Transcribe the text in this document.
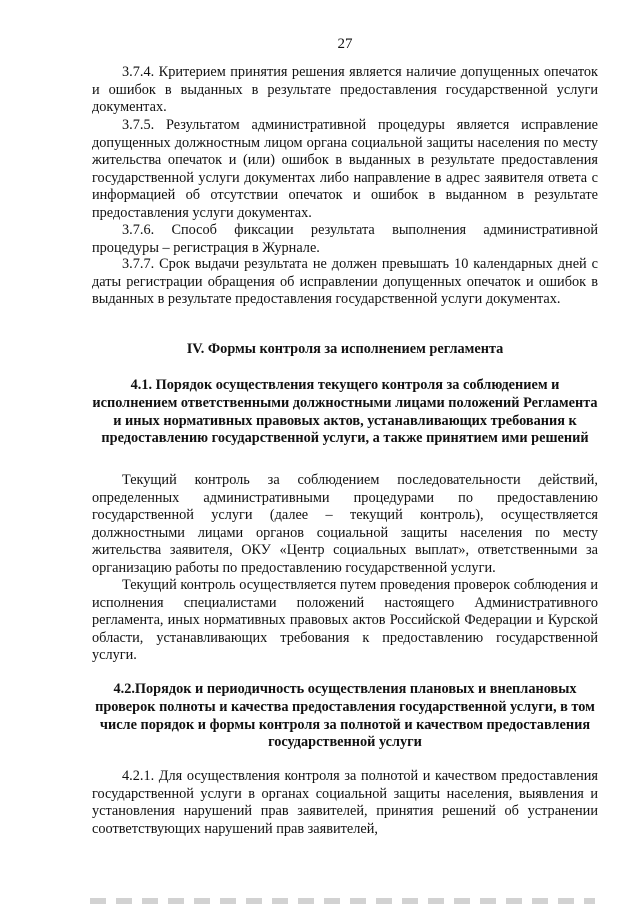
27

3.7.4. Критерием принятия решения является наличие допущенных опечаток и ошибок в выданных в результате предоставления государственной услуги документах.

3.7.5. Результатом административной процедуры является исправление допущенных должностным лицом органа социальной защиты населения по месту жительства опечаток и (или) ошибок в выданных в результате предоставления государственной услуги документах либо направление в адрес заявителя ответа с информацией об отсутствии опечаток и ошибок в выданном в результате предоставления услуги документах.

3.7.6. Способ фиксации результата выполнения административной процедуры – регистрация в Журнале.

3.7.7. Срок выдачи результата не должен превышать 10 календарных дней с даты регистрации обращения об исправлении допущенных опечаток и ошибок в выданных в результате предоставления государственной услуги документах.

IV. Формы контроля за исполнением регламента
4.1. Порядок осуществления текущего контроля за соблюдением и исполнением ответственными должностными лицами положений Регламента и иных нормативных правовых актов, устанавливающих требования к предоставлению государственной услуги, а также принятием ими решений

Текущий контроль за соблюдением последовательности действий, определенных административными процедурами по предоставлению государственной услуги (далее – текущий контроль), осуществляется должностными лицами органов социальной защиты населения по месту жительства заявителя, ОКУ «Центр социальных выплат», ответственными за организацию работы по предоставлению государственной услуги.

Текущий контроль осуществляется путем проведения проверок соблюдения и исполнения специалистами положений настоящего Административного регламента, иных нормативных правовых актов Российской Федерации и Курской области, устанавливающих требования к предоставлению государственной услуги.

4.2.Порядок и периодичность осуществления плановых и внеплановых проверок полноты и качества предоставления государственной услуги, в том числе порядок и формы контроля за полнотой и качеством предоставления государственной услуги

4.2.1. Для осуществления контроля за полнотой и качеством предоставления государственной услуги в органах социальной защиты населения, выявления и установления нарушений прав заявителей, принятия решений об устранении соответствующих нарушений прав заявителей,
